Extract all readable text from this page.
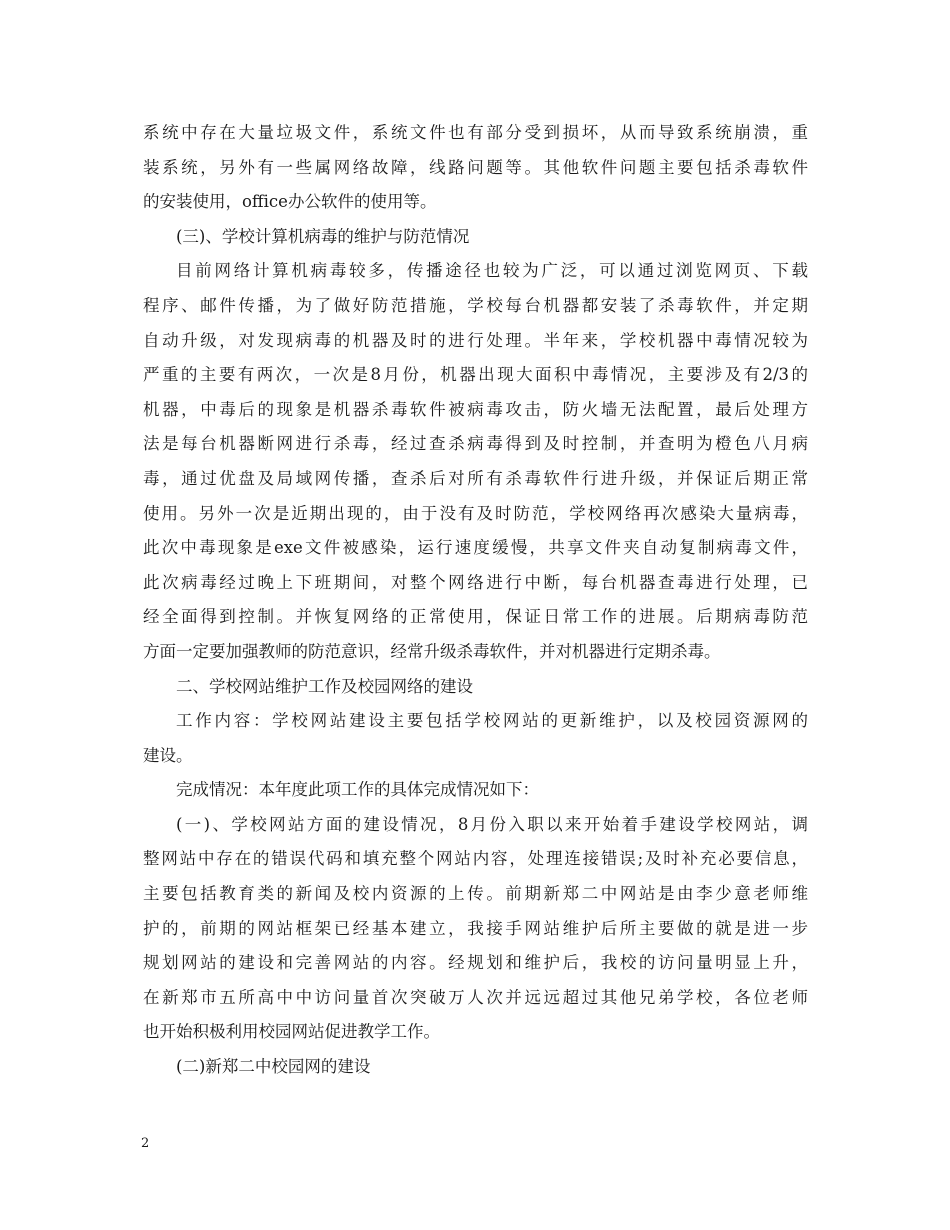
系统中存在大量垃圾文件，系统文件也有部分受到损坏，从而导致系统崩溃，重
装系统，另外有一些属网络故障，线路问题等。其他软件问题主要包括杀毒软件
的安装使用，office办公软件的使用等。
(三)、学校计算机病毒的维护与防范情况
目前网络计算机病毒较多，传播途径也较为广泛，可以通过浏览网页、下载
程序、邮件传播，为了做好防范措施，学校每台机器都安装了杀毒软件，并定期
自动升级，对发现病毒的机器及时的进行处理。半年来，学校机器中毒情况较为
严重的主要有两次，一次是8月份，机器出现大面积中毒情况，主要涉及有2/3的
机器，中毒后的现象是机器杀毒软件被病毒攻击，防火墙无法配置，最后处理方
法是每台机器断网进行杀毒，经过查杀病毒得到及时控制，并查明为橙色八月病
毒，通过优盘及局域网传播，查杀后对所有杀毒软件行进升级，并保证后期正常
使用。另外一次是近期出现的，由于没有及时防范，学校网络再次感染大量病毒，
此次中毒现象是exe文件被感染，运行速度缓慢，共享文件夹自动复制病毒文件，
此次病毒经过晚上下班期间，对整个网络进行中断，每台机器查毒进行处理，已
经全面得到控制。并恢复网络的正常使用，保证日常工作的进展。后期病毒防范
方面一定要加强教师的防范意识，经常升级杀毒软件，并对机器进行定期杀毒。
二、学校网站维护工作及校园网络的建设
工作内容：学校网站建设主要包括学校网站的更新维护，以及校园资源网的
建设。
完成情况：本年度此项工作的具体完成情况如下：
(一)、学校网站方面的建设情况，8月份入职以来开始着手建设学校网站，调
整网站中存在的错误代码和填充整个网站内容，处理连接错误;及时补充必要信息，
主要包括教育类的新闻及校内资源的上传。前期新郑二中网站是由李少意老师维
护的，前期的网站框架已经基本建立，我接手网站维护后所主要做的就是进一步
规划网站的建设和完善网站的内容。经规划和维护后，我校的访问量明显上升，
在新郑市五所高中中访问量首次突破万人次并远远超过其他兄弟学校，各位老师
也开始积极利用校园网站促进教学工作。
(二)新郑二中校园网的建设
2
